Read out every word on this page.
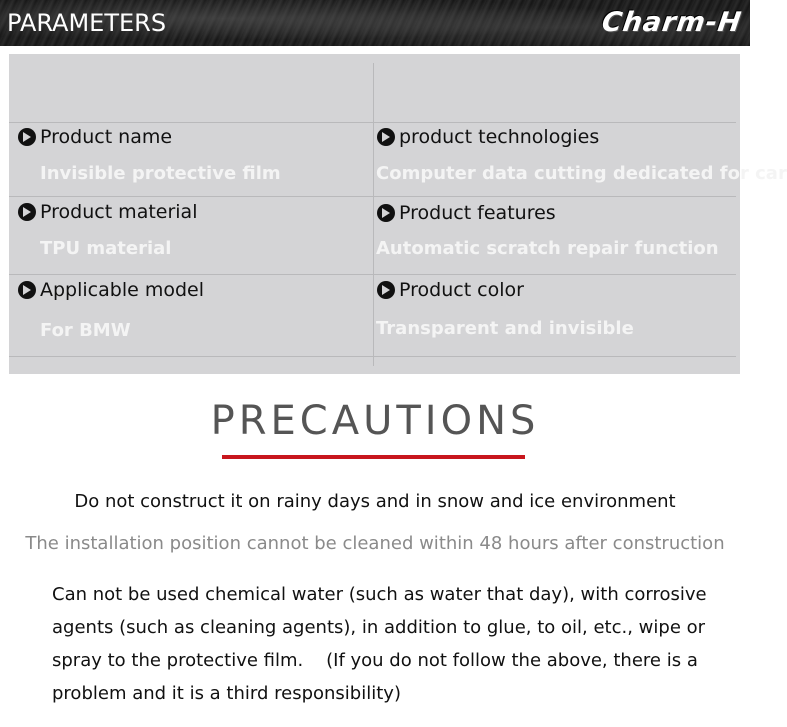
PARAMETERS	Charm-H
Product name
Invisible protective film
product technologies
Computer data cutting dedicated for car
Product material
TPU material
Product features
Automatic scratch repair function
Applicable model
For BMW
Product color
Transparent and invisible
PRECAUTIONS
Do not construct it on rainy days and in snow and ice environment
The installation position cannot be cleaned within 48 hours after construction
Can not be used chemical water (such as water that day), with corrosive agents (such as cleaning agents), in addition to glue, to oil, etc., wipe or spray to the protective film.    (If you do not follow the above, there is a problem and it is a third responsibility)
